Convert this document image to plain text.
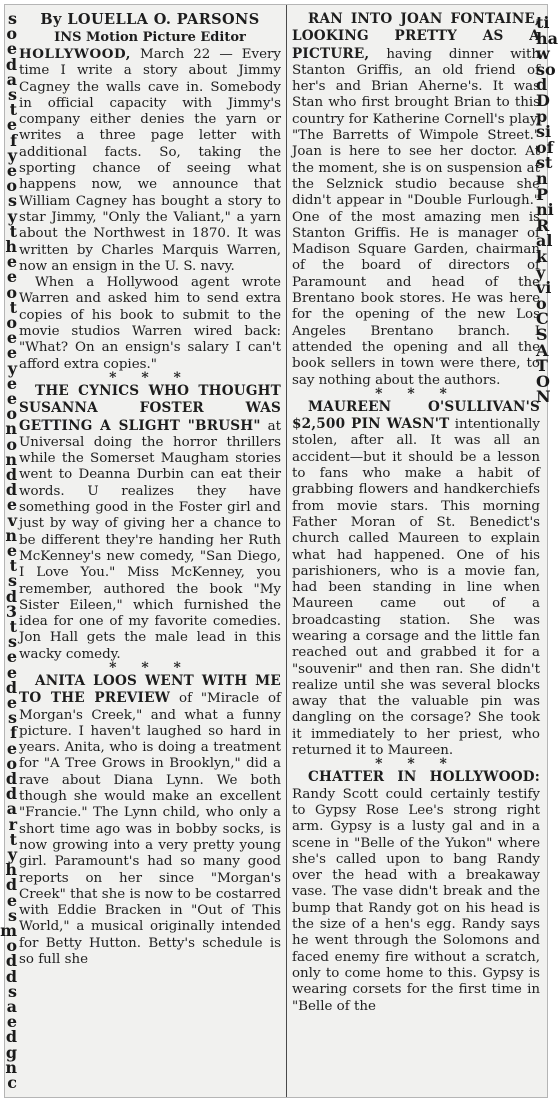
s
o
e
d
a
s
t
e
f
y
e
o
s
y
t
h
e
e
o
t
o
e
e
y
e
e
o
n
o
n
d
d
e
v
n
e
t
s
d
3
t
s
e
e
d
e
s
f
e
o
d
d
a
r
t
y
h
d
e
s
m
o
d
d
s
a
e
d
g
n
c
ti
ha
w
so
d
D
p
si
of
st
n
P
ni
R
al
k
y
vi
o
C
S
A
T
O
N
By LOUELLA O. PARSONS
INS Motion Picture Editor

HOLLYWOOD, March 22 — Every time I write a story about Jimmy Cagney the walls cave in. Somebody in official capacity with Jimmy's company either denies the yarn or writes a three page letter with additional facts. So, taking the sporting chance of seeing what happens now, we announce that William Cagney has bought a story to star Jimmy, "Only the Valiant," a yarn about the Northwest in 1870. It was written by Charles Marquis Warren, now an ensign in the U. S. navy.

When a Hollywood agent wrote Warren and asked him to send extra copies of his book to submit to the movie studios Warren wired back: "What? On an ensign's salary I can't afford extra copies."

* * *

THE CYNICS WHO THOUGHT SUSANNA FOSTER WAS GETTING A SLIGHT "BRUSH" at Universal doing the horror thrillers while the Somerset Maugham stories went to Deanna Durbin can eat their words. U realizes they have something good in the Foster girl and just by way of giving her a chance to be different they're handing her Ruth McKenney's new comedy, "San Diego, I Love You." Miss McKenney, you remember, authored the book "My Sister Eileen," which furnished the idea for one of my favorite comedies. Jon Hall gets the male lead in this wacky comedy.

* * *

ANITA LOOS WENT WITH ME TO THE PREVIEW of "Miracle of Morgan's Creek," and what a funny picture. I haven't laughed so hard in years. Anita, who is doing a treatment for "A Tree Grows in Brooklyn," did a rave about Diana Lynn. We both though she would make an excellent "Francie." The Lynn child, who only a short time ago was in bobby socks, is now growing into a very pretty young girl. Paramount's had so many good reports on her since "Morgan's Creek" that she is now to be costarred with Eddie Bracken in "Out of This World," a musical originally intended for Betty Hutton. Betty's schedule is so full she

RAN INTO JOAN FONTAINE, LOOKING PRETTY AS A PICTURE, having dinner with Stanton Griffis, an old friend of her's and Brian Aherne's. It was Stan who first brought Brian to this country for Katherine Cornell's play, "The Barretts of Wimpole Street." Joan is here to see her doctor. At the moment, she is on suspension at the Selznick studio because she didn't appear in "Double Furlough." One of the most amazing men is Stanton Griffis. He is manager of Madison Square Garden, chairman of the board of directors of Paramount and head of the Brentano book stores. He was here for the opening of the new Los Angeles Brentano branch. I attended the opening and all the book sellers in town were there, to say nothing about the authors.

* * *

MAUREEN O'SULLIVAN'S $2,500 PIN WASN'T intentionally stolen, after all. It was all an accident—but it should be a lesson to fans who make a habit of grabbing flowers and handkerchiefs from movie stars. This morning Father Moran of St. Benedict's church called Maureen to explain what had happened. One of his parishioners, who is a movie fan, had been standing in line when Maureen came out of a broadcasting station. She was wearing a corsage and the little fan reached out and grabbed it for a "souvenir" and then ran. She didn't realize until she was several blocks away that the valuable pin was dangling on the corsage? She took it immediately to her priest, who returned it to Maureen.

* * *

CHATTER IN HOLLYWOOD: Randy Scott could certainly testify to Gypsy Rose Lee's strong right arm. Gypsy is a lusty gal and in a scene in "Belle of the Yukon" where she's called upon to bang Randy over the head with a breakaway vase. The vase didn't break and the bump that Randy got on his head is the size of a hen's egg. Randy says he went through the Solomons and faced enemy fire without a scratch, only to come home to this. Gypsy is wearing corsets for the first time in "Belle of the
